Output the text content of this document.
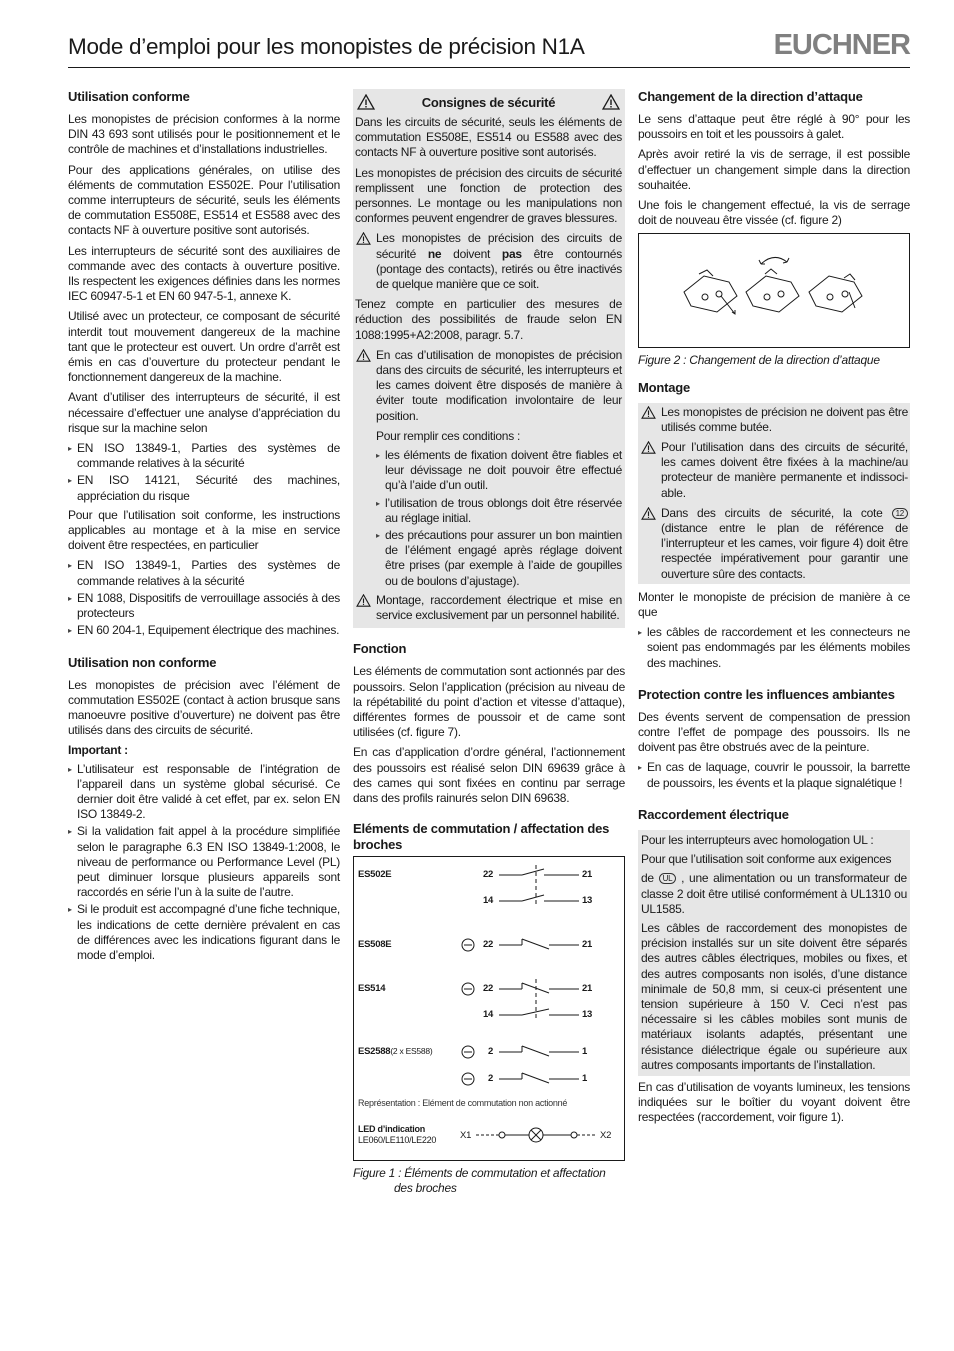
Mode d’emploi pour les monopistes de précision N1A	EUCHNER
Utilisation conforme

Les monopistes de précision conformes à la norme DIN 43 693 sont utilisés pour le positionnement et le contrôle de machines et d’installations industrielles.

Pour des applications générales, on utilise des éléments de commutation ES502E. Pour l’utilisation comme interrupteurs de sécurité, seuls les éléments de commutation ES508E, ES514 et ES588 avec des contacts NF à ouverture positive sont autorisés.

Les interrupteurs de sécurité sont des auxiliaires de commande avec des contacts à ouverture positive. Ils respectent les exigences définies dans les normes IEC 60947-5-1 et EN 60 947-5-1, annexe K.

Utilisé avec un protecteur, ce composant de sécurité interdit tout mouvement dangereux de la machine tant que le protecteur est ouvert. Un ordre d’arrêt est émis en cas d’ouverture du protecteur pendant le fonctionnement dangereux de la machine.

Avant d’utiliser des interrupteurs de sécurité, il est nécessaire d’effectuer une analyse d’appréciation du risque sur la machine selon

▸ EN ISO 13849-1, Parties des systèmes de commande relatives à la sécurité
▸ EN ISO 14121, Sécurité des machines, appréciation du risque

Pour que l’utilisation soit conforme, les instructions applicables au montage et à la mise en service doivent être respectées, en particulier

▸ EN ISO 13849-1, Parties des systèmes de commande relatives à la sécurité
▸ EN 1088, Dispositifs de verrouillage associés à des protecteurs
▸ EN 60 204-1, Equipement électrique des machines.
Utilisation non conforme

Les monopistes de précision avec l’élément de commutation ES502E (contact à action brusque sans manoeuvre positive d’ouverture) ne doivent pas être utilisés dans des circuits de sécurité.

Important :
▸ L’utilisateur est responsable de l’intégration de l’appareil dans un système global sécurisé. Ce dernier doit être validé à cet effet, par ex. selon EN ISO 13849-2.
▸ Si la validation fait appel à la procédure simplifiée selon le paragraphe 6.3 EN ISO 13849-1:2008, le niveau de performance ou Performance Level (PL) peut diminuer lorsque plusieurs appareils sont raccordés en série l’un à la suite de l’autre.
▸ Si le produit est accompagné d’une fiche technique, les indications de cette dernière prévalent en cas de différences avec les indications figurant dans le mode d’emploi.
Consignes de sécurité

Dans les circuits de sécurité, seuls les éléments de commutation ES508E, ES514 ou ES588 avec des contacts NF à ouverture positive sont autorisés.

Les monopistes de précision des circuits de sécurité remplissent une fonction de protection des personnes. Le montage ou les manipulations non conformes peuvent engendrer de graves blessures.

Les monopistes de précision des circuits de sécurité ne doivent pas être contournés (pontage des contacts), retirés ou être inactivés de quelque manière que ce soit.

Tenez compte en particulier des mesures de réduction des possibilités de fraude selon EN 1088:1995+A2:2008, paragr. 5.7.

En cas d’utilisation de monopistes de précision dans des circuits de sécurité, les interrupteurs et les cames doivent être disposés de manière à éviter toute modification involontaire de leur position.
Pour remplir ces conditions :
▸ les éléments de fixation doivent être fiables et leur dévissage ne doit pouvoir être effectué qu’à l’aide d’un outil.
▸ l’utilisation de trous oblongs doit être réservée au réglage initial.
▸ des précautions pour assurer un bon maintien de l’élément engagé après réglage doivent être prises (par exemple à l’aide de goupilles ou de boulons d’ajustage).
Montage, raccordement électrique et mise en service exclusivement par un personnel habilité.
Fonction

Les éléments de commutation sont actionnés par des poussoirs. Selon l’application (précision au niveau de la répétabilité du point d’action et vitesse d’attaque), différentes formes de poussoir et de came sont utilisées (cf. figure 7).

En cas d’application d’ordre général, l’actionnement des poussoirs est réalisé selon DIN 69639 grâce à des cames qui sont fixées en continu par serrage dans des profils rainurés selon DIN 69638.

Eléments de commutation / affectation des broches
ES502E	22	21
14	13
ES508E	22	21
ES514	22	21
14	13
ES2588(2 x ES588)	2	1
2	1
Représentation : Elément de commutation non actionné
LED d’indication
LE060/LE110/LE220	X1	X2
Figure 1 : Éléments de commutation et affectation
des broches
Changement de la direction d’attaque

Le sens d’attaque peut être réglé à 90° pour les poussoirs en toit et les poussoirs à galet.

Après avoir retiré la vis de serrage, il est possible d’effectuer un changement simple dans la direction souhaitée.

Une fois le changement effectué, la vis de serrage doit de nouveau être vissée (cf. figure 2)

Figure 2 : Changement de la direction d’attaque
Montage
Les monopistes de précision ne doivent pas être utilisés comme butée.
Pour l’utilisation dans des circuits de sécurité, les cames doivent être fixées à la machine/au protecteur de manière permanente et indissoci-able.
Dans des circuits de sécurité, la cote 12 (distance entre le plan de référence de l’interrupteur et les cames, voir figure 4) doit être respectée impérativement pour garantir une ouverture sûre des contacts.

Monter le monopiste de précision de manière à ce que

▸ les câbles de raccordement et les connecteurs ne soient pas endommagés par les éléments mobiles des machines.
Protection contre les influences ambiantes

Des évents servent de compensation de pression contre l’effet de pompage des poussoirs. Ils ne doivent pas être obstrués avec de la peinture.

▸ En cas de laquage, couvrir le poussoir, la barrette de poussoirs, les évents et la plaque signalétique !
Raccordement électrique

Pour les interrupteurs avec homologation UL :

Pour que l’utilisation soit conforme aux exigences

de UL , une alimentation ou un transformateur de classe 2 doit être utilisé conformément à UL1310 ou UL1585.

Les câbles de raccordement des monopistes de précision installés sur un site doivent être séparés des autres câbles électriques, mobiles ou fixes, et des autres composants non isolés, d’une distance minimale de 50,8 mm, si ceux-ci présentent une tension supérieure à 150 V. Ceci n’est pas nécessaire si les câbles mobiles sont munis de matériaux isolants adaptés, présentant une résistance diélectrique égale ou supérieure aux autres composants importants de l’installation.

En cas d’utilisation de voyants lumineux, les tensions indiquées sur le boîtier du voyant doivent être respectées (raccordement, voir figure 1).
